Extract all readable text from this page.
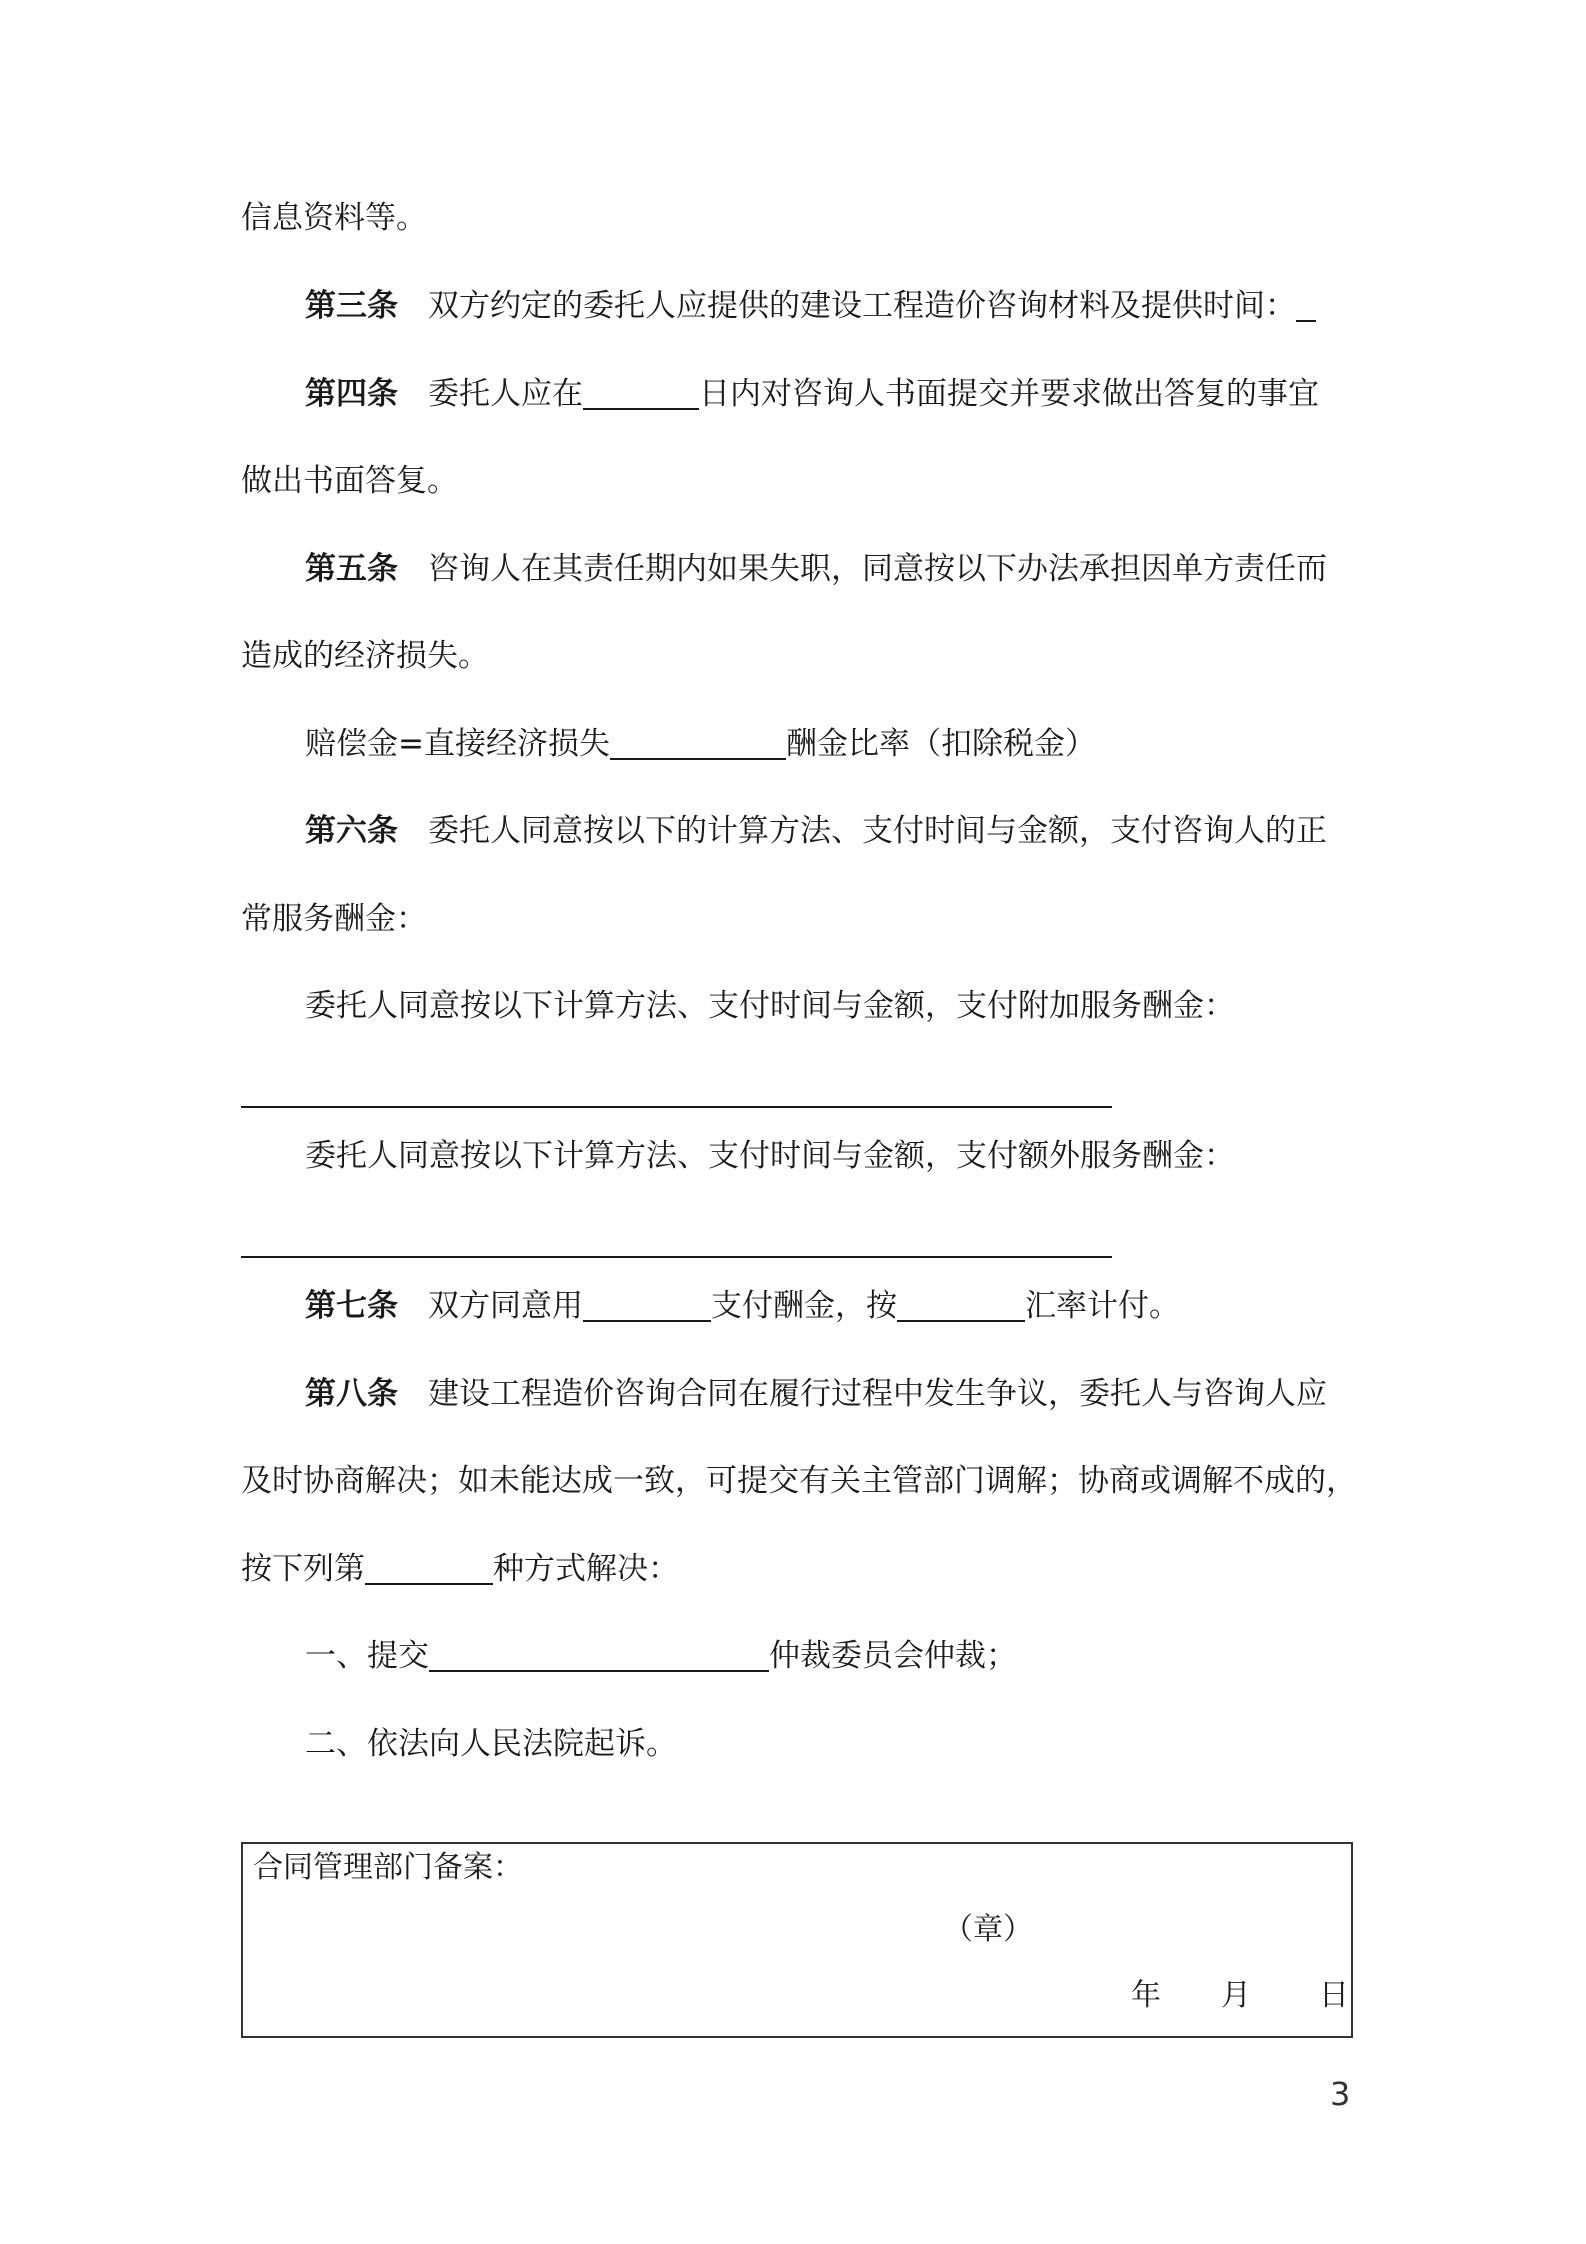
信息资料等。
第三条 双方约定的委托人应提供的建设工程造价咨询材料及提供时间：
第四条 委托人应在	日内对咨询人书面提交并要求做出答复的事宜
做出书面答复。
第五条 咨询人在其责任期内如果失职，同意按以下办法承担因单方责任而
造成的经济损失。
赔偿金=直接经济损失	酬金比率（扣除税金）
第六条 委托人同意按以下的计算方法、支付时间与金额，支付咨询人的正
常服务酬金：
委托人同意按以下计算方法、支付时间与金额，支付附加服务酬金：
委托人同意按以下计算方法、支付时间与金额，支付额外服务酬金：
第七条 双方同意用	支付酬金，按	汇率计付。
第八条 建设工程造价咨询合同在履行过程中发生争议，委托人与咨询人应
及时协商解决；如未能达成一致，可提交有关主管部门调解；协商或调解不成的，
按下列第	种方式解决：
一、提交	仲裁委员会仲裁；
二、依法向人民法院起诉。
合同管理部门备案：
（章）
年 月 日
3
